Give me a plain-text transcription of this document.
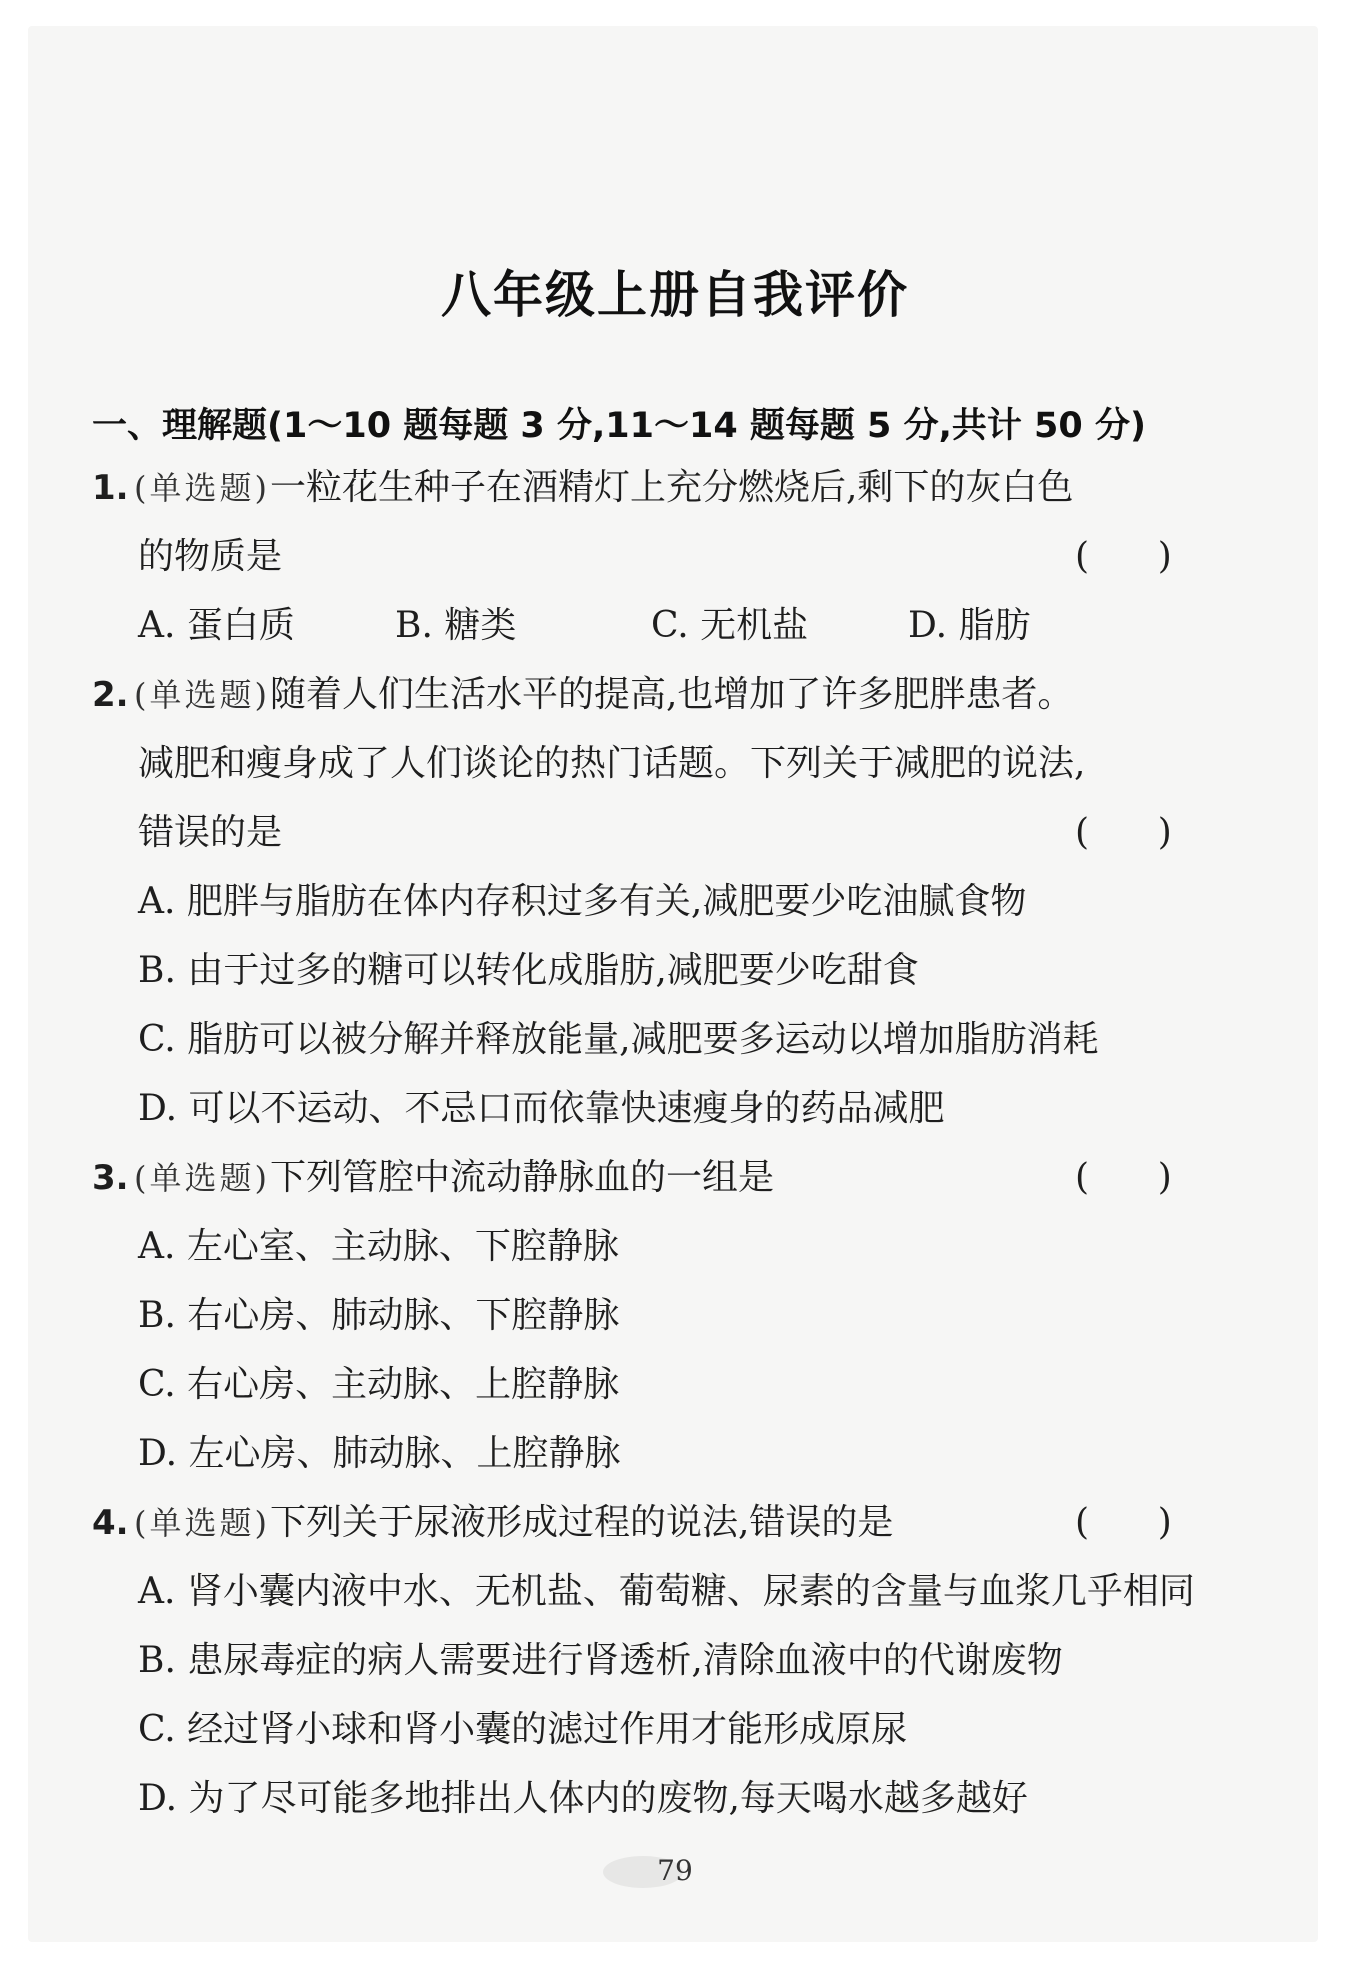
八年级上册自我评价
一、理解题(1～10 题每题 3 分,11～14 题每题 5 分,共计 50 分)
1. (单选题)一粒花生种子在酒精灯上充分燃烧后,剩下的灰白色
的物质是	(      )
A. 蛋白质	B. 糖类	C. 无机盐	D. 脂肪
2. (单选题)随着人们生活水平的提高,也增加了许多肥胖患者。
减肥和瘦身成了人们谈论的热门话题。下列关于减肥的说法,
错误的是	(      )
A. 肥胖与脂肪在体内存积过多有关,减肥要少吃油腻食物
B. 由于过多的糖可以转化成脂肪,减肥要少吃甜食
C. 脂肪可以被分解并释放能量,减肥要多运动以增加脂肪消耗
D. 可以不运动、不忌口而依靠快速瘦身的药品减肥
3. (单选题)下列管腔中流动静脉血的一组是	(      )
A. 左心室、主动脉、下腔静脉
B. 右心房、肺动脉、下腔静脉
C. 右心房、主动脉、上腔静脉
D. 左心房、肺动脉、上腔静脉
4. (单选题)下列关于尿液形成过程的说法,错误的是	(      )
A. 肾小囊内液中水、无机盐、葡萄糖、尿素的含量与血浆几乎相同
B. 患尿毒症的病人需要进行肾透析,清除血液中的代谢废物
C. 经过肾小球和肾小囊的滤过作用才能形成原尿
D. 为了尽可能多地排出人体内的废物,每天喝水越多越好
79
